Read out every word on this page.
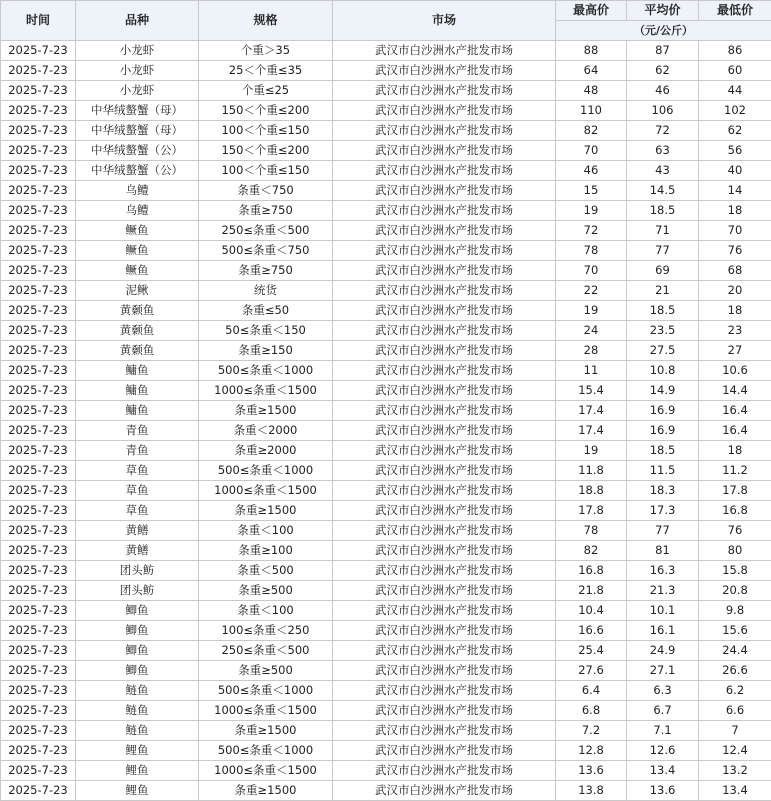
时间	品种	规格	市场	最高价	平均价	最低价
				（元/公斤）		
2025-7-23	小龙虾	个重＞35	武汉市白沙洲水产批发市场	88	87	86
2025-7-23	小龙虾	25＜个重≤35	武汉市白沙洲水产批发市场	64	62	60
2025-7-23	小龙虾	个重≤25	武汉市白沙洲水产批发市场	48	46	44
2025-7-23	中华绒螯蟹（母）	150＜个重≤200	武汉市白沙洲水产批发市场	110	106	102
2025-7-23	中华绒螯蟹（母）	100＜个重≤150	武汉市白沙洲水产批发市场	82	72	62
2025-7-23	中华绒螯蟹（公）	150＜个重≤200	武汉市白沙洲水产批发市场	70	63	56
2025-7-23	中华绒螯蟹（公）	100＜个重≤150	武汉市白沙洲水产批发市场	46	43	40
2025-7-23	乌鳢	条重＜750	武汉市白沙洲水产批发市场	15	14.5	14
2025-7-23	乌鳢	条重≥750	武汉市白沙洲水产批发市场	19	18.5	18
2025-7-23	鳜鱼	250≤条重＜500	武汉市白沙洲水产批发市场	72	71	70
2025-7-23	鳜鱼	500≤条重＜750	武汉市白沙洲水产批发市场	78	77	76
2025-7-23	鳜鱼	条重≥750	武汉市白沙洲水产批发市场	70	69	68
2025-7-23	泥鳅	统货	武汉市白沙洲水产批发市场	22	21	20
2025-7-23	黄颡鱼	条重≤50	武汉市白沙洲水产批发市场	19	18.5	18
2025-7-23	黄颡鱼	50≤条重＜150	武汉市白沙洲水产批发市场	24	23.5	23
2025-7-23	黄颡鱼	条重≥150	武汉市白沙洲水产批发市场	28	27.5	27
2025-7-23	鳙鱼	500≤条重＜1000	武汉市白沙洲水产批发市场	11	10.8	10.6
2025-7-23	鳙鱼	1000≤条重＜1500	武汉市白沙洲水产批发市场	15.4	14.9	14.4
2025-7-23	鳙鱼	条重≥1500	武汉市白沙洲水产批发市场	17.4	16.9	16.4
2025-7-23	青鱼	条重＜2000	武汉市白沙洲水产批发市场	17.4	16.9	16.4
2025-7-23	青鱼	条重≥2000	武汉市白沙洲水产批发市场	19	18.5	18
2025-7-23	草鱼	500≤条重＜1000	武汉市白沙洲水产批发市场	11.8	11.5	11.2
2025-7-23	草鱼	1000≤条重＜1500	武汉市白沙洲水产批发市场	18.8	18.3	17.8
2025-7-23	草鱼	条重≥1500	武汉市白沙洲水产批发市场	17.8	17.3	16.8
2025-7-23	黄鳝	条重＜100	武汉市白沙洲水产批发市场	78	77	76
2025-7-23	黄鳝	条重≥100	武汉市白沙洲水产批发市场	82	81	80
2025-7-23	团头鲂	条重＜500	武汉市白沙洲水产批发市场	16.8	16.3	15.8
2025-7-23	团头鲂	条重≥500	武汉市白沙洲水产批发市场	21.8	21.3	20.8
2025-7-23	鲫鱼	条重＜100	武汉市白沙洲水产批发市场	10.4	10.1	9.8
2025-7-23	鲫鱼	100≤条重＜250	武汉市白沙洲水产批发市场	16.6	16.1	15.6
2025-7-23	鲫鱼	250≤条重＜500	武汉市白沙洲水产批发市场	25.4	24.9	24.4
2025-7-23	鲫鱼	条重≥500	武汉市白沙洲水产批发市场	27.6	27.1	26.6
2025-7-23	鲢鱼	500≤条重＜1000	武汉市白沙洲水产批发市场	6.4	6.3	6.2
2025-7-23	鲢鱼	1000≤条重＜1500	武汉市白沙洲水产批发市场	6.8	6.7	6.6
2025-7-23	鲢鱼	条重≥1500	武汉市白沙洲水产批发市场	7.2	7.1	7
2025-7-23	鲤鱼	500≤条重＜1000	武汉市白沙洲水产批发市场	12.8	12.6	12.4
2025-7-23	鲤鱼	1000≤条重＜1500	武汉市白沙洲水产批发市场	13.6	13.4	13.2
2025-7-23	鲤鱼	条重≥1500	武汉市白沙洲水产批发市场	13.8	13.6	13.4
